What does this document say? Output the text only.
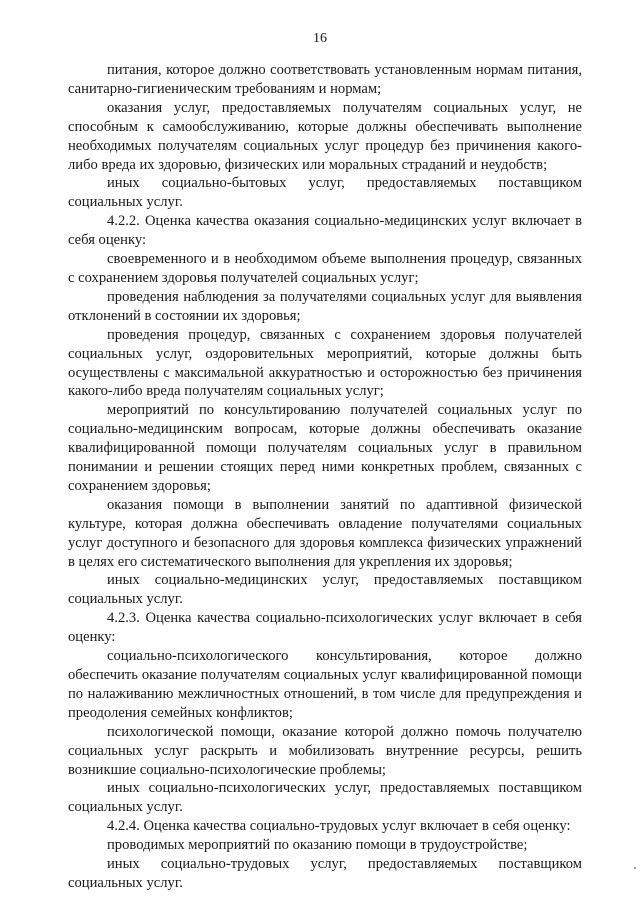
16

питания, которое должно соответствовать установленным нормам питания, санитарно-гигиеническим требованиям и нормам;

оказания услуг, предоставляемых получателям социальных услуг, не способным к самообслуживанию, которые должны обеспечивать выполнение необходимых получателям социальных услуг процедур без причинения какого-либо вреда их здоровью, физических или моральных страданий и неудобств;

иных социально-бытовых услуг, предоставляемых поставщиком социальных услуг.

4.2.2. Оценка качества оказания социально-медицинских услуг включает в себя оценку:

своевременного и в необходимом объеме выполнения процедур, связанных с сохранением здоровья получателей социальных услуг;

проведения наблюдения за получателями социальных услуг для выявления отклонений в состоянии их здоровья;

проведения процедур, связанных с сохранением здоровья получателей социальных услуг, оздоровительных мероприятий, которые должны быть осуществлены с максимальной аккуратностью и осторожностью без причинения какого-либо вреда получателям социальных услуг;

мероприятий по консультированию получателей социальных услуг по социально-медицинским вопросам, которые должны обеспечивать оказание квалифицированной помощи получателям социальных услуг в правильном понимании и решении стоящих перед ними конкретных проблем, связанных с сохранением здоровья;

оказания помощи в выполнении занятий по адаптивной физической культуре, которая должна обеспечивать овладение получателями социальных услуг доступного и безопасного для здоровья комплекса физических упражнений в целях его систематического выполнения для укрепления их здоровья;

иных социально-медицинских услуг, предоставляемых поставщиком социальных услуг.

4.2.3. Оценка качества социально-психологических услуг включает в себя оценку:

социально-психологического консультирования, которое должно обеспечить оказание получателям социальных услуг квалифицированной помощи по налаживанию межличностных отношений, в том числе для предупреждения и преодоления семейных конфликтов;

психологической помощи, оказание которой должно помочь получателю социальных услуг раскрыть и мобилизовать внутренние ресурсы, решить возникшие социально-психологические проблемы;

иных социально-психологических услуг, предоставляемых поставщиком социальных услуг.

4.2.4. Оценка качества социально-трудовых услуг включает в себя оценку:

проводимых мероприятий по оказанию помощи в трудоустройстве;

иных социально-трудовых услуг, предоставляемых поставщиком социальных услуг.
